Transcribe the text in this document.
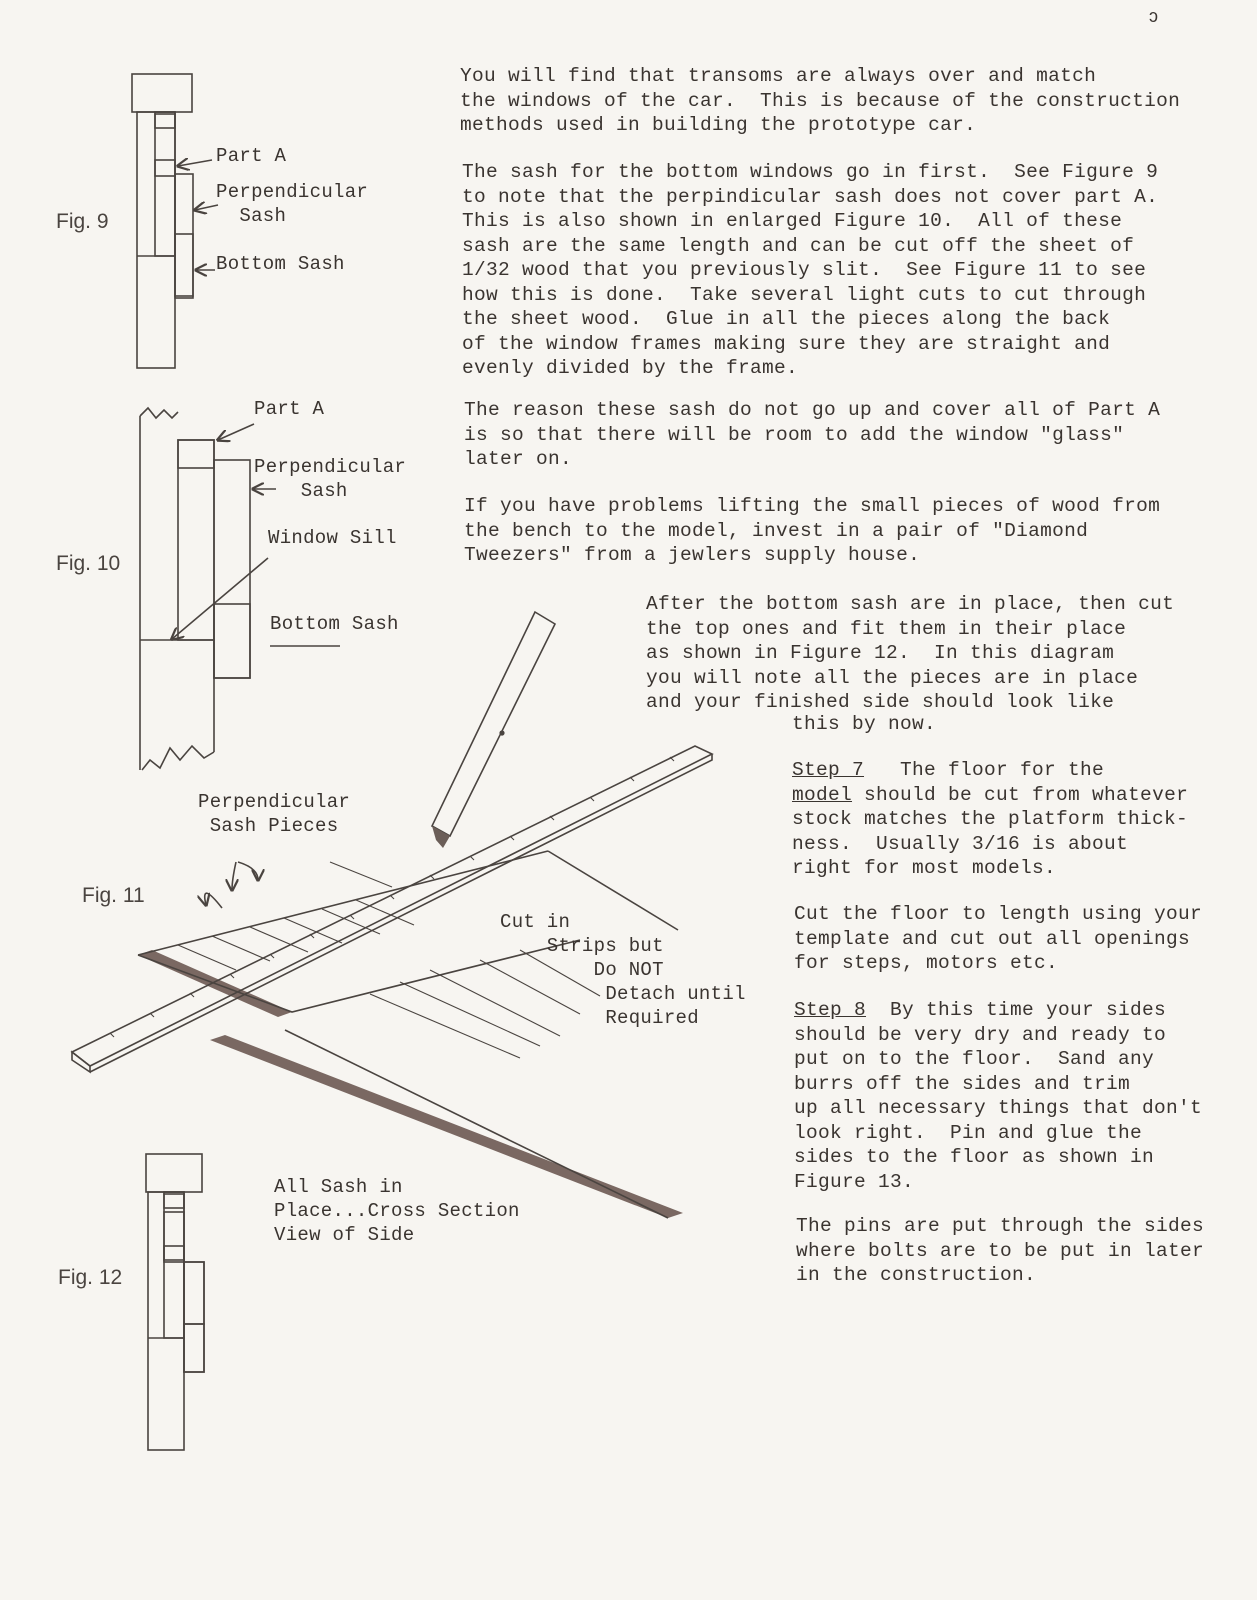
ↄ
Fig. 9
Part A
Perpendicular
Sash
Bottom Sash
Fig. 10
Part A
Perpendicular
Sash
Window Sill
Bottom Sash
Fig. 11
Perpendicular
Sash Pieces
Cut in
Strips but
Do NOT
Detach until
Required
Fig. 12
All Sash in
Place...Cross Section
View of Side

You will find that transoms are always over and match
the windows of the car.  This is because of the construction
methods used in building the prototype car.

The sash for the bottom windows go in first.  See Figure 9
to note that the perpindicular sash does not cover part A.
This is also shown in enlarged Figure 10.  All of these
sash are the same length and can be cut off the sheet of
1/32 wood that you previously slit.  See Figure 11 to see
how this is done.  Take several light cuts to cut through
the sheet wood.  Glue in all the pieces along the back
of the window frames making sure they are straight and
evenly divided by the frame.

The reason these sash do not go up and cover all of Part A
is so that there will be room to add the window "glass"
later on.

If you have problems lifting the small pieces of wood from
the bench to the model, invest in a pair of "Diamond
Tweezers" from a jewlers supply house.

After the bottom sash are in place, then cut
the top ones and fit them in their place
as shown in Figure 12.  In this diagram
you will note all the pieces are in place
and your finished side should look like

this by now.

Step 7   The floor for the
model should be cut from whatever
stock matches the platform thick-
ness.  Usually 3/16 is about
right for most models.

Cut the floor to length using your
template and cut out all openings
for steps, motors etc.

Step 8  By this time your sides
should be very dry and ready to
put on to the floor.  Sand any
burrs off the sides and trim
up all necessary things that don't
look right.  Pin and glue the
sides to the floor as shown in
Figure 13.

The pins are put through the sides
where bolts are to be put in later
in the construction.
